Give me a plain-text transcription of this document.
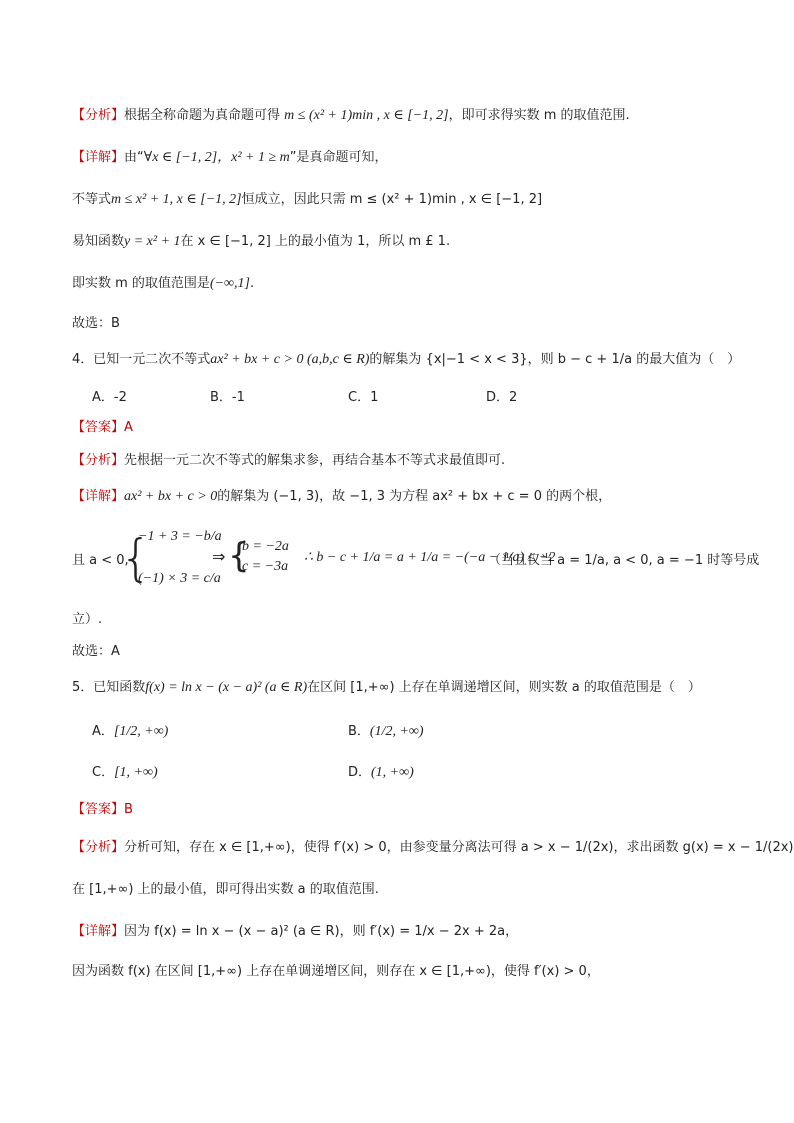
【分析】根据全称命题为真命题可得 m ≤ (x² + 1)min , x ∈ [−1, 2]，即可求得实数 m 的取值范围.
【详解】由“∀x ∈ [−1, 2]，x² + 1 ≥ m”是真命题可知，
不等式m ≤ x² + 1, x ∈ [−1, 2]恒成立，因此只需 m ≤ (x² + 1)min , x ∈ [−1, 2]
易知函数y = x² + 1在 x ∈ [−1, 2] 上的最小值为 1，所以 m £ 1.
即实数 m 的取值范围是(−∞,1].
故选：B
4．已知一元二次不等式ax² + bx + c > 0 (a,b,c ∈ R)的解集为 {x|−1 < x < 3}，则 b − c + 1/a 的最大值为（　）
A．-2	B．-1	C．1	D．2
【答案】A
【分析】先根据一元二次不等式的解集求参，再结合基本不等式求最值即可.
【详解】ax² + bx + c > 0的解集为 (−1, 3)，故 −1, 3 为方程 ax² + bx + c = 0 的两个根，
且 a < 0,
{
−1 + 3 = −b/a
(−1) × 3 = c/a
⇒ {
b = −2a
c = −3a
∴ b − c + 1/a = a + 1/a = −(−a − 1/a) ≤ −2
（当且仅当 a = 1/a, a < 0, a = −1 时等号成
立）.
故选：A
5．已知函数f(x) = ln x − (x − a)² (a ∈ R)在区间 [1,+∞) 上存在单调递增区间，则实数 a 的取值范围是（　）
A．[1/2, +∞)	B．(1/2, +∞)
C．[1, +∞)	D．(1, +∞)
【答案】B
【分析】分析可知，存在 x ∈ [1,+∞)，使得 f′(x) > 0，由参变量分离法可得 a > x − 1/(2x)，求出函数 g(x) = x − 1/(2x)
在 [1,+∞) 上的最小值，即可得出实数 a 的取值范围.
【详解】因为 f(x) = ln x − (x − a)² (a ∈ R)，则 f′(x) = 1/x − 2x + 2a，
因为函数 f(x) 在区间 [1,+∞) 上存在单调递增区间，则存在 x ∈ [1,+∞)，使得 f′(x) > 0，
